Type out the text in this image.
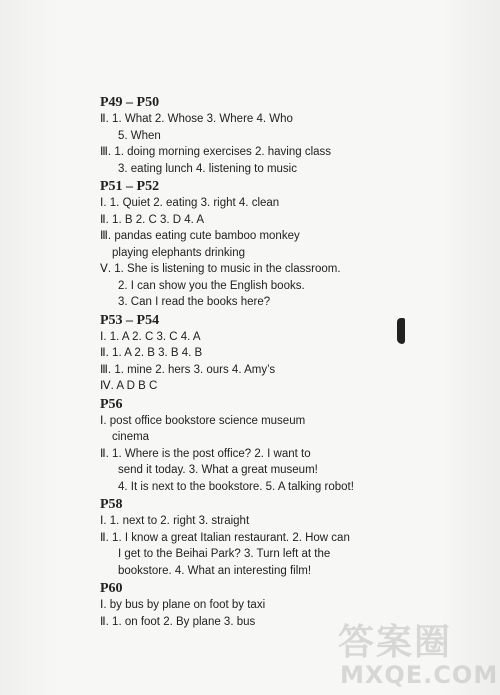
P49 – P50
Ⅱ. 1. What 2. Whose 3. Where 4. Who
5. When
Ⅲ. 1. doing morning exercises 2. having class
3. eating lunch 4. listening to music
P51 – P52
Ⅰ. 1. Quiet 2. eating 3. right 4. clean
Ⅱ. 1. B 2. C 3. D 4. A
Ⅲ. pandas eating cute bamboo monkey
playing elephants drinking
Ⅴ. 1. She is listening to music in the classroom.
2. I can show you the English books.
3. Can I read the books here?
P53 – P54
Ⅰ. 1. A 2. C 3. C 4. A
Ⅱ. 1. A 2. B 3. B 4. B
Ⅲ. 1. mine 2. hers 3. ours 4. Amy’s
Ⅳ. A D B C
P56
Ⅰ. post office bookstore science museum
cinema
Ⅱ. 1. Where is the post office? 2. I want to
send it today. 3. What a great museum!
4. It is next to the bookstore. 5. A talking robot!
P58
Ⅰ. 1. next to 2. right 3. straight
Ⅱ. 1. I know a great Italian restaurant. 2. How can
I get to the Beihai Park? 3. Turn left at the
bookstore. 4. What an interesting film!
P60
Ⅰ. by bus by plane on foot by taxi
Ⅱ. 1. on foot 2. By plane 3. bus
答案圈
MXQE.COM
